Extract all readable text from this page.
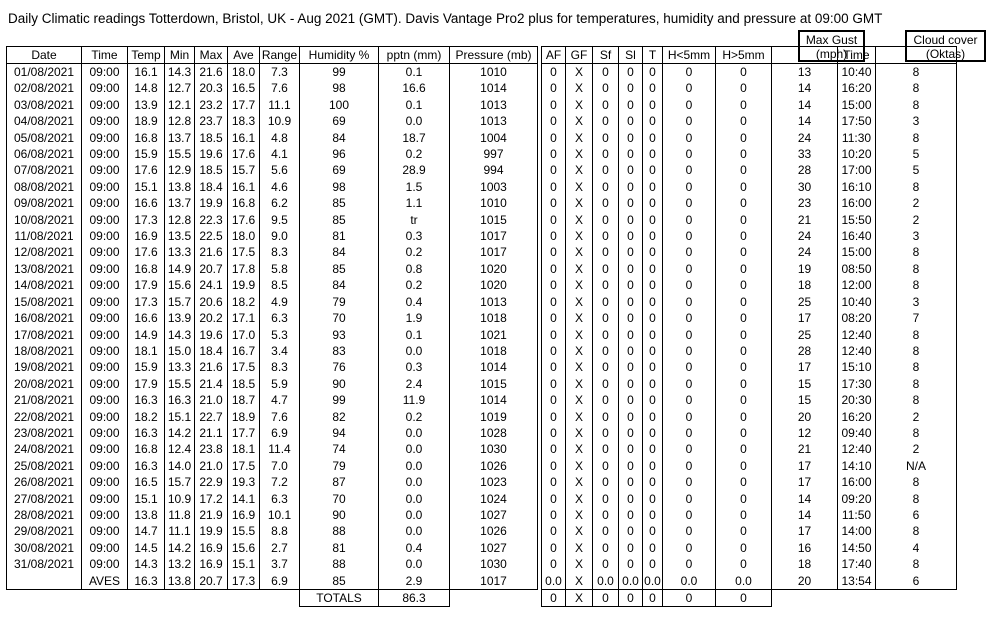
Daily Climatic readings Totterdown, Bristol, UK - Aug 2021 (GMT). Davis Vantage Pro2 plus for temperatures, humidity and pressure at 09:00 GMT
Max Gust
(mph)
Cloud cover
(Oktas)
Date	Time	Temp	Min	Max	Ave	Range	Humidity %	pptn (mm)	Pressure (mb)		AF	GF	Sf	Sl	T	H<5mm	H>5mm		Time	
01/08/2021	09:00	16.1	14.3	21.6	18.0	7.3	99	0.1	1010		0	X	0	0	0	0	0	13	10:40	8
02/08/2021	09:00	14.8	12.7	20.3	16.5	7.6	98	16.6	1014		0	X	0	0	0	0	0	14	16:20	8
03/08/2021	09:00	13.9	12.1	23.2	17.7	11.1	100	0.1	1013		0	X	0	0	0	0	0	14	15:00	8
04/08/2021	09:00	18.9	12.8	23.7	18.3	10.9	69	0.0	1013		0	X	0	0	0	0	0	14	17:50	3
05/08/2021	09:00	16.8	13.7	18.5	16.1	4.8	84	18.7	1004		0	X	0	0	0	0	0	24	11:30	8
06/08/2021	09:00	15.9	15.5	19.6	17.6	4.1	96	0.2	997		0	X	0	0	0	0	0	33	10:20	5
07/08/2021	09:00	17.6	12.9	18.5	15.7	5.6	69	28.9	994		0	X	0	0	0	0	0	28	17:00	5
08/08/2021	09:00	15.1	13.8	18.4	16.1	4.6	98	1.5	1003		0	X	0	0	0	0	0	30	16:10	8
09/08/2021	09:00	16.6	13.7	19.9	16.8	6.2	85	1.1	1010		0	X	0	0	0	0	0	23	16:00	2
10/08/2021	09:00	17.3	12.8	22.3	17.6	9.5	85	tr	1015		0	X	0	0	0	0	0	21	15:50	2
11/08/2021	09:00	16.9	13.5	22.5	18.0	9.0	81	0.3	1017		0	X	0	0	0	0	0	24	16:40	3
12/08/2021	09:00	17.6	13.3	21.6	17.5	8.3	84	0.2	1017		0	X	0	0	0	0	0	24	15:00	8
13/08/2021	09:00	16.8	14.9	20.7	17.8	5.8	85	0.8	1020		0	X	0	0	0	0	0	19	08:50	8
14/08/2021	09:00	17.9	15.6	24.1	19.9	8.5	84	0.2	1020		0	X	0	0	0	0	0	18	12:00	8
15/08/2021	09:00	17.3	15.7	20.6	18.2	4.9	79	0.4	1013		0	X	0	0	0	0	0	25	10:40	3
16/08/2021	09:00	16.6	13.9	20.2	17.1	6.3	70	1.9	1018		0	X	0	0	0	0	0	17	08:20	7
17/08/2021	09:00	14.9	14.3	19.6	17.0	5.3	93	0.1	1021		0	X	0	0	0	0	0	25	12:40	8
18/08/2021	09:00	18.1	15.0	18.4	16.7	3.4	83	0.0	1018		0	X	0	0	0	0	0	28	12:40	8
19/08/2021	09:00	15.9	13.3	21.6	17.5	8.3	76	0.3	1014		0	X	0	0	0	0	0	17	15:10	8
20/08/2021	09:00	17.9	15.5	21.4	18.5	5.9	90	2.4	1015		0	X	0	0	0	0	0	15	17:30	8
21/08/2021	09:00	16.3	16.3	21.0	18.7	4.7	99	11.9	1014		0	X	0	0	0	0	0	15	20:30	8
22/08/2021	09:00	18.2	15.1	22.7	18.9	7.6	82	0.2	1019		0	X	0	0	0	0	0	20	16:20	2
23/08/2021	09:00	16.3	14.2	21.1	17.7	6.9	94	0.0	1028		0	X	0	0	0	0	0	12	09:40	8
24/08/2021	09:00	16.8	12.4	23.8	18.1	11.4	74	0.0	1030		0	X	0	0	0	0	0	21	12:40	2
25/08/2021	09:00	16.3	14.0	21.0	17.5	7.0	79	0.0	1026		0	X	0	0	0	0	0	17	14:10	N/A
26/08/2021	09:00	16.5	15.7	22.9	19.3	7.2	87	0.0	1023		0	X	0	0	0	0	0	17	16:00	8
27/08/2021	09:00	15.1	10.9	17.2	14.1	6.3	70	0.0	1024		0	X	0	0	0	0	0	14	09:20	8
28/08/2021	09:00	13.8	11.8	21.9	16.9	10.1	90	0.0	1027		0	X	0	0	0	0	0	14	11:50	6
29/08/2021	09:00	14.7	11.1	19.9	15.5	8.8	88	0.0	1026		0	X	0	0	0	0	0	17	14:00	8
30/08/2021	09:00	14.5	14.2	16.9	15.6	2.7	81	0.4	1027		0	X	0	0	0	0	0	16	14:50	4
31/08/2021	09:00	14.3	13.2	16.9	15.1	3.7	88	0.0	1030		0	X	0	0	0	0	0	18	17:40	8
	AVES	16.3	13.8	20.7	17.3	6.9	85	2.9	1017		0.0	X	0.0	0.0	0.0	0.0	0.0	20	13:54	6
							TOTALS	86.3			0	X	0	0	0	0	0			
